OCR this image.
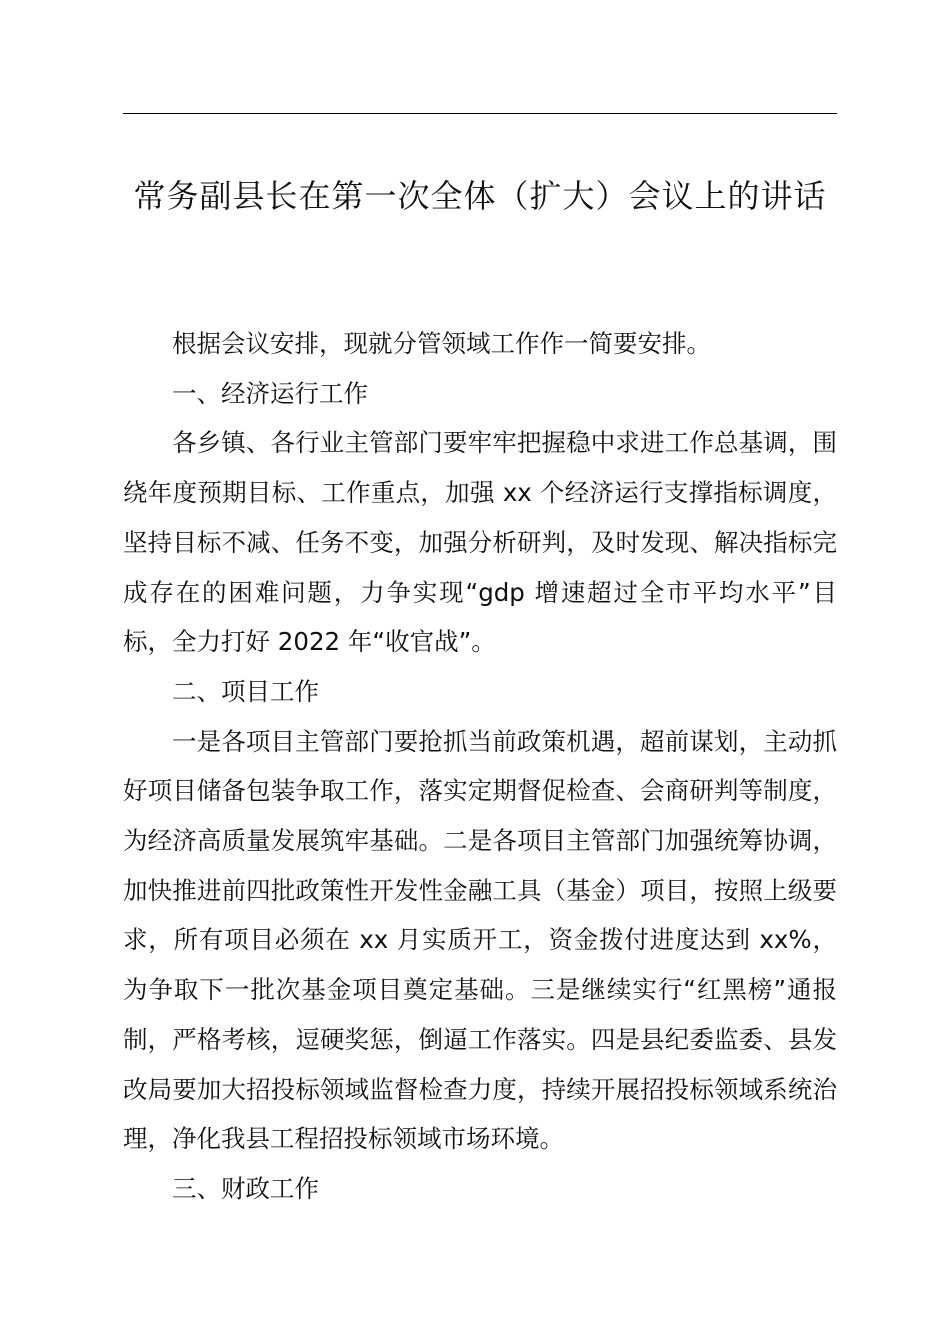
常务副县长在第一次全体（扩大）会议上的讲话

根据会议安排，现就分管领域工作作一简要安排。

一、经济运行工作

各乡镇、各行业主管部门要牢牢把握稳中求进工作总基调，围绕年度预期目标、工作重点，加强 xx 个经济运行支撑指标调度，坚持目标不减、任务不变，加强分析研判，及时发现、解决指标完成存在的困难问题，力争实现“gdp 增速超过全市平均水平”目标，全力打好 2022 年“收官战”。

二、项目工作

一是各项目主管部门要抢抓当前政策机遇，超前谋划，主动抓好项目储备包装争取工作，落实定期督促检查、会商研判等制度，为经济高质量发展筑牢基础。二是各项目主管部门加强统筹协调，加快推进前四批政策性开发性金融工具（基金）项目，按照上级要求，所有项目必须在 xx 月实质开工，资金拨付进度达到 xx%，为争取下一批次基金项目奠定基础。三是继续实行“红黑榜”通报制，严格考核，逗硬奖惩，倒逼工作落实。四是县纪委监委、县发改局要加大招投标领域监督检查力度，持续开展招投标领域系统治理，净化我县工程招投标领域市场环境。

三、财政工作
